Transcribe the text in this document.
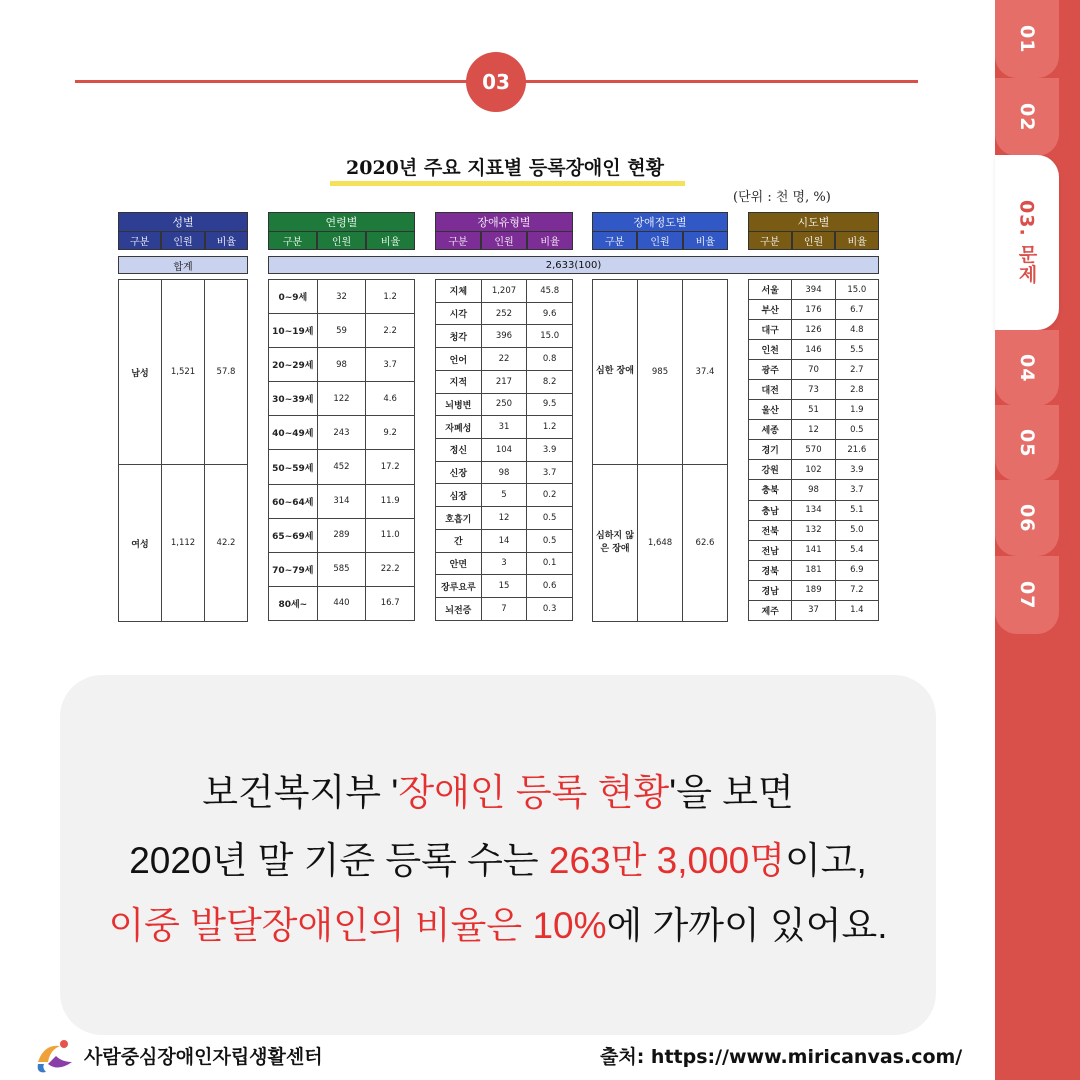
01
02
03. 문제
04
05
06
07
03
2020년 주요 지표별 등록장애인 현황
(단위 : 천 명, %)
성별
구분	인원	비율
연령별
구분	인원	비율
장애유형별
구분	인원	비율
장애정도별
구분	인원	비율
시도별
구분	인원	비율
합계	2,633(100)
남성	1,521	57.8
여성	1,112	42.2
0~9세	32	1.2
10~19세	59	2.2
20~29세	98	3.7
30~39세	122	4.6
40~49세	243	9.2
50~59세	452	17.2
60~64세	314	11.9
65~69세	289	11.0
70~79세	585	22.2
80세~	440	16.7
지체	1,207	45.8
시각	252	9.6
청각	396	15.0
언어	22	0.8
지적	217	8.2
뇌병변	250	9.5
자폐성	31	1.2
정신	104	3.9
신장	98	3.7
심장	5	0.2
호흡기	12	0.5
간	14	0.5
안면	3	0.1
장루요루	15	0.6
뇌전증	7	0.3
심한 장애	985	37.4
심하지 않은 장애	1,648	62.6
서울	394	15.0
부산	176	6.7
대구	126	4.8
인천	146	5.5
광주	70	2.7
대전	73	2.8
울산	51	1.9
세종	12	0.5
경기	570	21.6
강원	102	3.9
충북	98	3.7
충남	134	5.1
전북	132	5.0
전남	141	5.4
경북	181	6.9
경남	189	7.2
제주	37	1.4
보건복지부 '장애인 등록 현황'을 보면
2020년 말 기준 등록 수는 263만 3,000명이고,
이중 발달장애인의 비율은 10%에 가까이 있어요.
사람중심장애인자립생활센터	출처: https://www.miricanvas.com/
